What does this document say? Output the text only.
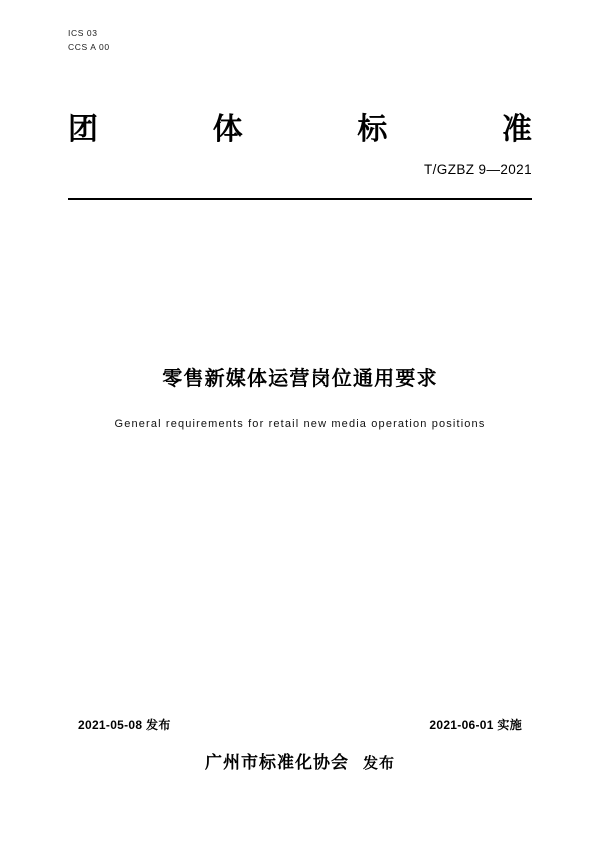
ICS 03
CCS A 00
团	体	标	准
T/GZBZ 9—2021
零售新媒体运营岗位通用要求
General requirements for retail new media operation positions
2021-05-08 发布	2021-06-01 实施
广州市标准化协会 发布
